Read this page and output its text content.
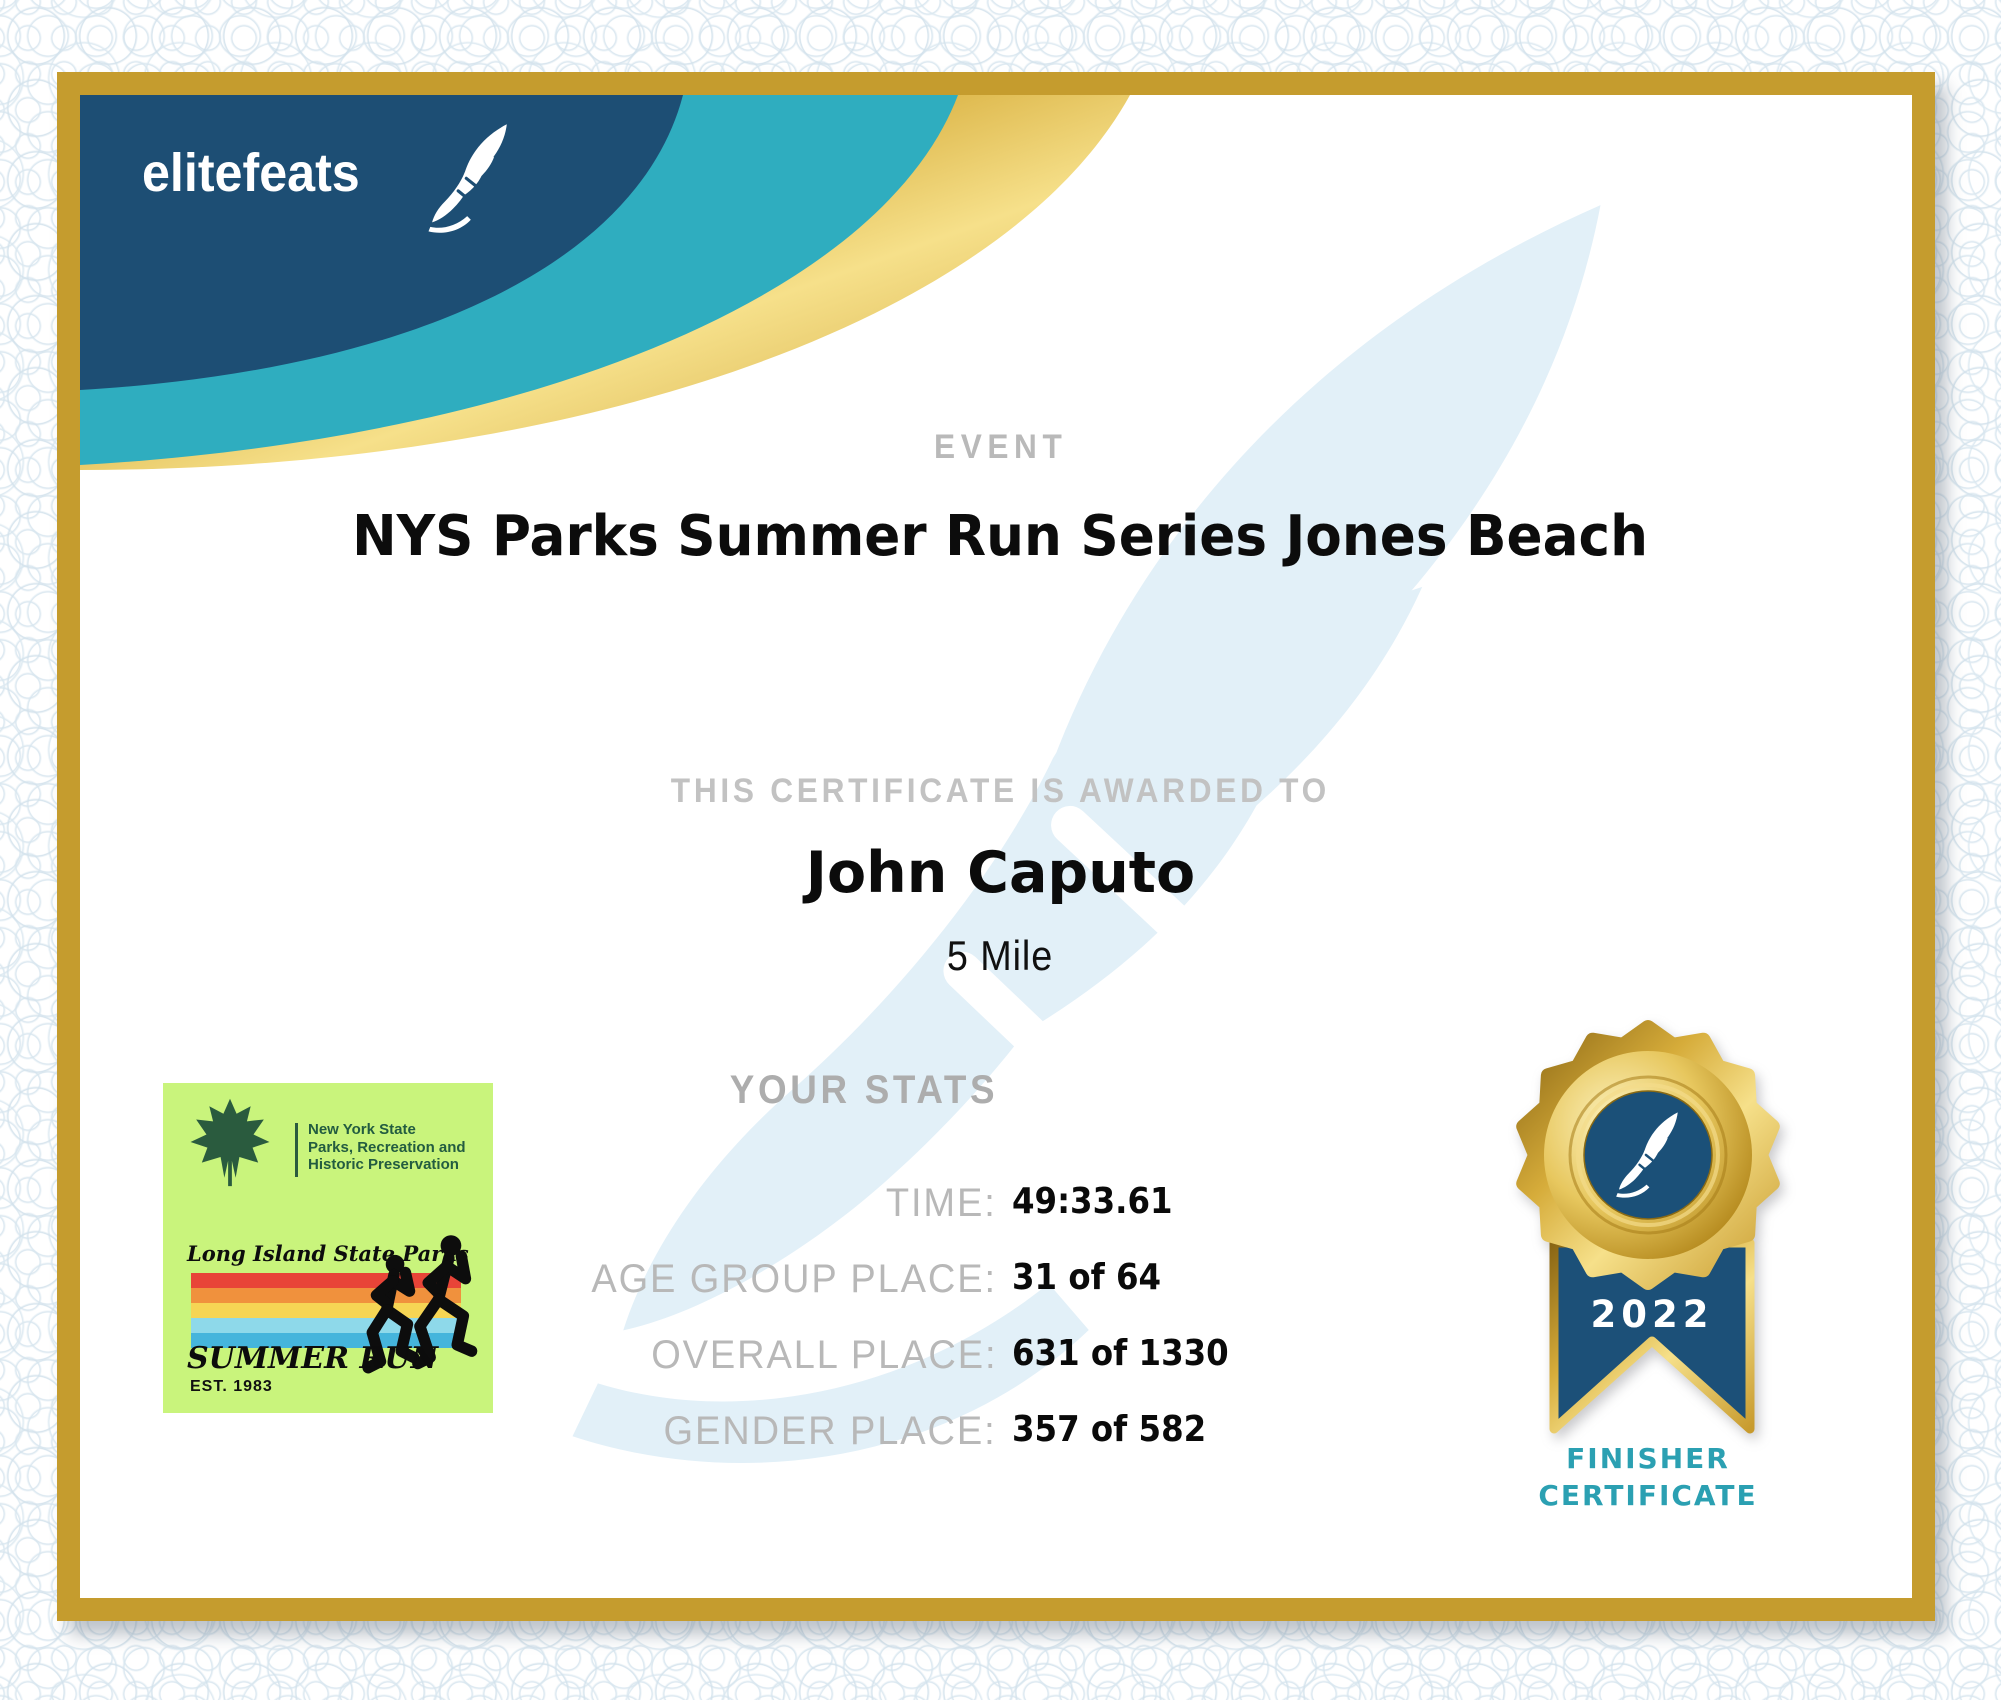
elitefeats
EVENT
NYS Parks Summer Run Series Jones Beach
THIS CERTIFICATE IS AWARDED TO
John Caputo
5 Mile
YOUR STATS
TIME: 49:33.61
AGE GROUP PLACE: 31 of 64
OVERALL PLACE: 631 of 1330
GENDER PLACE: 357 of 582
New York State
Parks, Recreation and
Historic Preservation
Long Island State Parks
SUMMER RUN
EST. 1983
2022
FINISHER
CERTIFICATE
